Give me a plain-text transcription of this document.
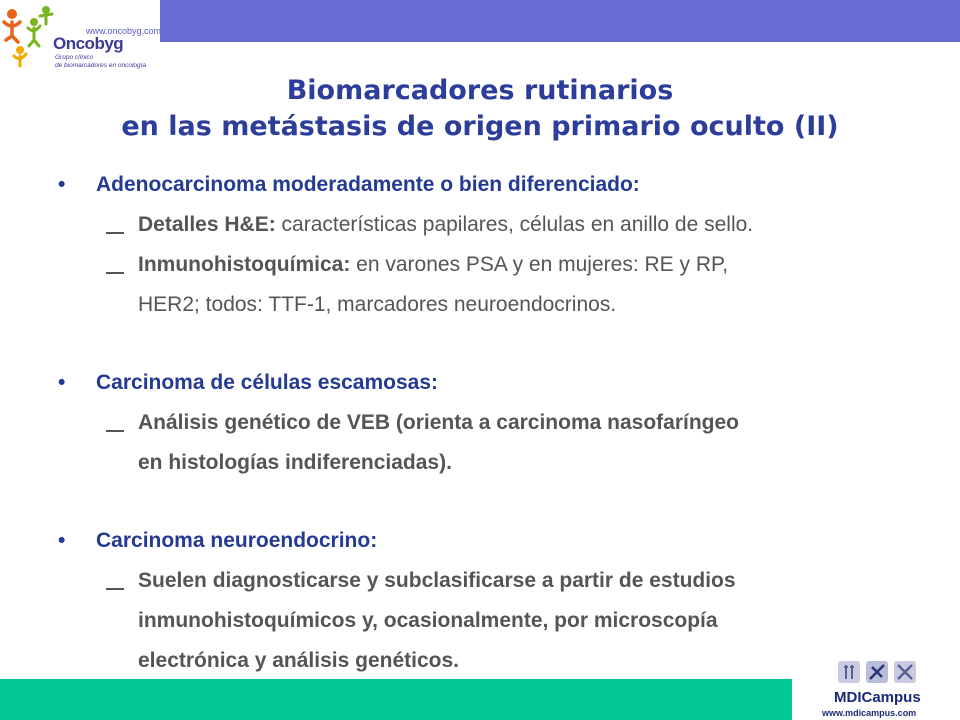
www.oncobyg.com
Oncobyg
Grupo clínico
de biomarcadores en oncología
Biomarcadores rutinarios
en las metástasis de origen primario oculto (II)
• Adenocarcinoma moderadamente o bien diferenciado:
Detalles H&E: características papilares, células en anillo de sello.
Inmunohistoquímica: en varones PSA y en mujeres: RE y RP,
HER2; todos: TTF-1, marcadores neuroendocrinos.
• Carcinoma de células escamosas:
Análisis genético de VEB (orienta a carcinoma nasofaríngeo
en histologías indiferenciadas).
• Carcinoma neuroendocrino:
Suelen diagnosticarse y subclasificarse a partir de estudios
inmunohistoquímicos y, ocasionalmente, por microscopía
electrónica y análisis genéticos.
MDICampus
www.mdicampus.com
